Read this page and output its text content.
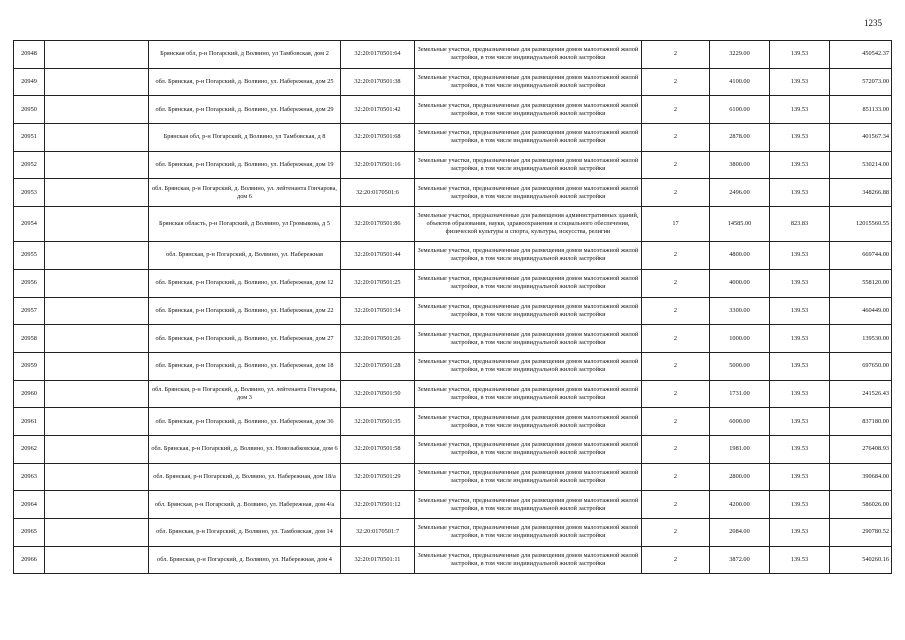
1235
20948		Брянская обл, р-н Погарский, д Волвино, ул Тамбовская, дом 2	32:20:0170501:64	Земельные участки, предназначенные для размещения домов малоэтажной жилой застройки, в том числе индивидуальной жилой застройки	2	3229.00	139.53	450542.37
20949		обл. Брянская, р-н Погарский, д. Волвино, ул. Набережная, дом 25	32:20:0170501:38	Земельные участки, предназначенные для размещения домов малоэтажной жилой застройки, в том числе индивидуальной жилой застройки	2	4100.00	139.53	572073.00
20950		обл. Брянская, р-н Погарский, д. Волвино, ул. Набережная, дом 29	32:20:0170501:42	Земельные участки, предназначенные для размещения домов малоэтажной жилой застройки, в том числе индивидуальной жилой застройки	2	6100.00	139.53	851133.00
20951		Брянская обл, р-н Погарский, д Волвино, ул Тамбовская, д 8	32:20:0170501:68	Земельные участки, предназначенные для размещения домов малоэтажной жилой застройки, в том числе индивидуальной жилой застройки	2	2878.00	139.53	401567.34
20952		обл. Брянская, р-н Погарский, д. Волвино, ул. Набережная, дом 19	32:20:0170501:16	Земельные участки, предназначенные для размещения домов малоэтажной жилой застройки, в том числе индивидуальной жилой застройки	2	3800.00	139.53	530214.00
20953		обл. Брянская, р-н Погарский, д. Волвино, ул. лейтенанта Гончарова, дом 6	32:20:0170501:6	Земельные участки, предназначенные для размещения домов малоэтажной жилой застройки, в том числе индивидуальной жилой застройки	2	2496.00	139.53	348266.88
20954		Брянская область, р-н Погарский, д Волвино, ул Громыкова, д 5	32:20:0170501:86	Земельные участки, предназначенные для размещения административных зданий, объектов образования, науки, здравоохранения и социального обеспечения, физической культуры и спорта, культуры, искусства, религии	17	14585.00	823.83	12015560.55
20955		обл. Брянская, р-н Погарский, д. Волвино, ул. Набережная	32:20:0170501:44	Земельные участки, предназначенные для размещения домов малоэтажной жилой застройки, в том числе индивидуальной жилой застройки	2	4800.00	139.53	669744.00
20956		обл. Брянская, р-н Погарский, д. Волвино, ул. Набережная, дом 12	32:20:0170501:25	Земельные участки, предназначенные для размещения домов малоэтажной жилой застройки, в том числе индивидуальной жилой застройки	2	4000.00	139.53	558120.00
20957		обл. Брянская, р-н Погарский, д. Волвино, ул. Набережная, дом 22	32:20:0170501:34	Земельные участки, предназначенные для размещения домов малоэтажной жилой застройки, в том числе индивидуальной жилой застройки	2	3300.00	139.53	460449.00
20958		обл. Брянская, р-н Погарский, д. Волвино, ул. Набережная, дом 27	32:20:0170501:26	Земельные участки, предназначенные для размещения домов малоэтажной жилой застройки, в том числе индивидуальной жилой застройки	2	1000.00	139.53	139530.00
20959		обл. Брянская, р-н Погарский, д. Волвино, ул. Набережная, дом 18	32:20:0170501:28	Земельные участки, предназначенные для размещения домов малоэтажной жилой застройки, в том числе индивидуальной жилой застройки	2	5000.00	139.53	697650.00
20960		обл. Брянская, р-н Погарский, д. Волвино, ул. лейтенанта Гончарова, дом 3	32:20:0170501:50	Земельные участки, предназначенные для размещения домов малоэтажной жилой застройки, в том числе индивидуальной жилой застройки	2	1731.00	139.53	241526.43
20961		обл. Брянская, р-н Погарский, д. Волвино, ул. Набережная, дом 36	32:20:0170501:35	Земельные участки, предназначенные для размещения домов малоэтажной жилой застройки, в том числе индивидуальной жилой застройки	2	6000.00	139.53	837180.00
20962		обл. Брянская, р-н Погарский, д. Волвино, ул. Новозыбковская, дом 6	32:20:0170501:58	Земельные участки, предназначенные для размещения домов малоэтажной жилой застройки, в том числе индивидуальной жилой застройки	2	1981.00	139.53	276408.93
20963		обл. Брянская, р-н Погарский, д. Волвино, ул. Набережная, дом 18/а	32:20:0170501:29	Земельные участки, предназначенные для размещения домов малоэтажной жилой застройки, в том числе индивидуальной жилой застройки	2	2800.00	139.53	390684.00
20964		обл. Брянская, р-н Погарский, д. Волвино, ул. Набережная, дом 4/а	32:20:0170501:12	Земельные участки, предназначенные для размещения домов малоэтажной жилой застройки, в том числе индивидуальной жилой застройки	2	4200.00	139.53	586026.00
20965		обл. Брянская, р-н Погарский, д. Волвино, ул. Тамбовская, дом 14	32:20:0170501:7	Земельные участки, предназначенные для размещения домов малоэтажной жилой застройки, в том числе индивидуальной жилой застройки	2	2084.00	139.53	290780.52
20966		обл. Брянская, р-н Погарский, д. Волвино, ул. Набережная, дом 4	32:20:0170501:11	Земельные участки, предназначенные для размещения домов малоэтажной жилой застройки, в том числе индивидуальной жилой застройки	2	3872.00	139.53	540260.16
